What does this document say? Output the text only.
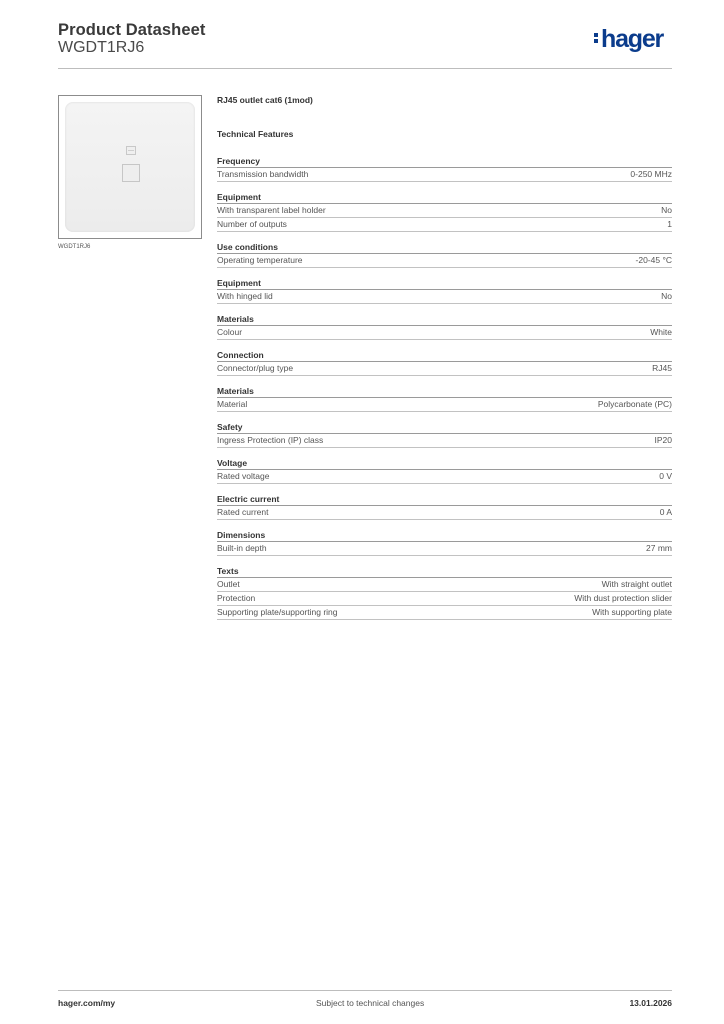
Product Datasheet
WGDT1RJ6	hager
WGDT1RJ6
RJ45 outlet cat6 (1mod)
Technical Features
Frequency
Transmission bandwidth	0-250 MHz
Equipment
With transparent label holder	No
Number of outputs	1
Use conditions
Operating temperature	-20-45 °C
Equipment
With hinged lid	No
Materials
Colour	White
Connection
Connector/plug type	RJ45
Materials
Material	Polycarbonate (PC)
Safety
Ingress Protection (IP) class	IP20
Voltage
Rated voltage	0 V
Electric current
Rated current	0 A
Dimensions
Built-in depth	27 mm
Texts
Outlet	With straight outlet
Protection	With dust protection slider
Supporting plate/supporting ring	With supporting plate
hager.com/my	Subject to technical changes	13.01.2026
